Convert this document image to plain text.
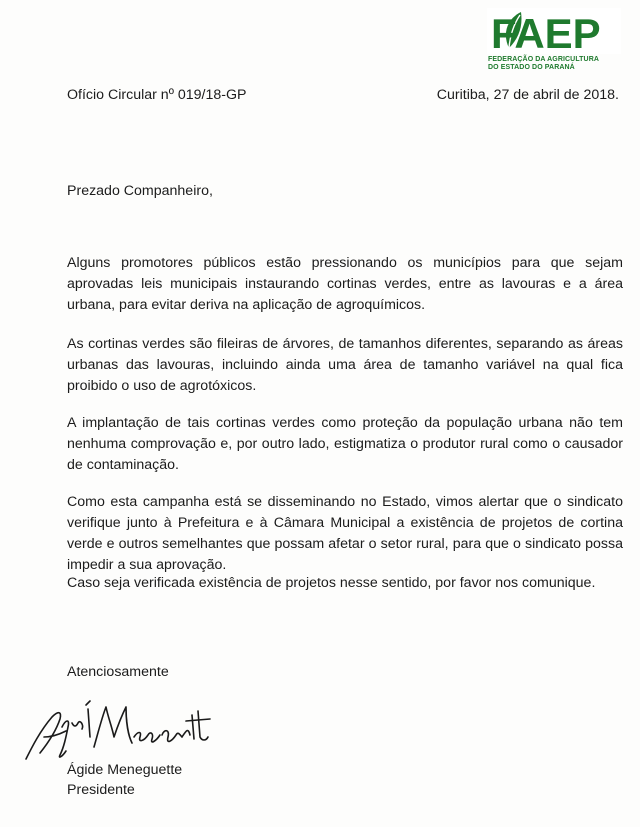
FAEP
FEDERAÇÃO DA AGRICULTURA
DO ESTADO DO PARANÁ
Ofício Circular nº 019/18-GP	Curitiba, 27 de abril de 2018.
Prezado Companheiro,

Alguns promotores públicos estão pressionando os municípios para que sejam aprovadas leis municipais instaurando cortinas verdes, entre as lavouras e a área urbana, para evitar deriva na aplicação de agroquímicos.

As cortinas verdes são fileiras de árvores, de tamanhos diferentes, separando as áreas urbanas das lavouras, incluindo ainda uma área de tamanho variável na qual fica proibido o uso de agrotóxicos.

A implantação de tais cortinas verdes como proteção da população urbana não tem nenhuma comprovação e, por outro lado, estigmatiza o produtor rural como o causador de contaminação.

Como esta campanha está se disseminando no Estado, vimos alertar que o sindicato verifique junto à Prefeitura e à Câmara Municipal a existência de projetos de cortina verde e outros semelhantes que possam afetar o setor rural, para que o sindicato possa impedir a sua aprovação.

Caso seja verificada existência de projetos nesse sentido, por favor nos comunique.

Atenciosamente
Ágide Meneguette
Presidente
